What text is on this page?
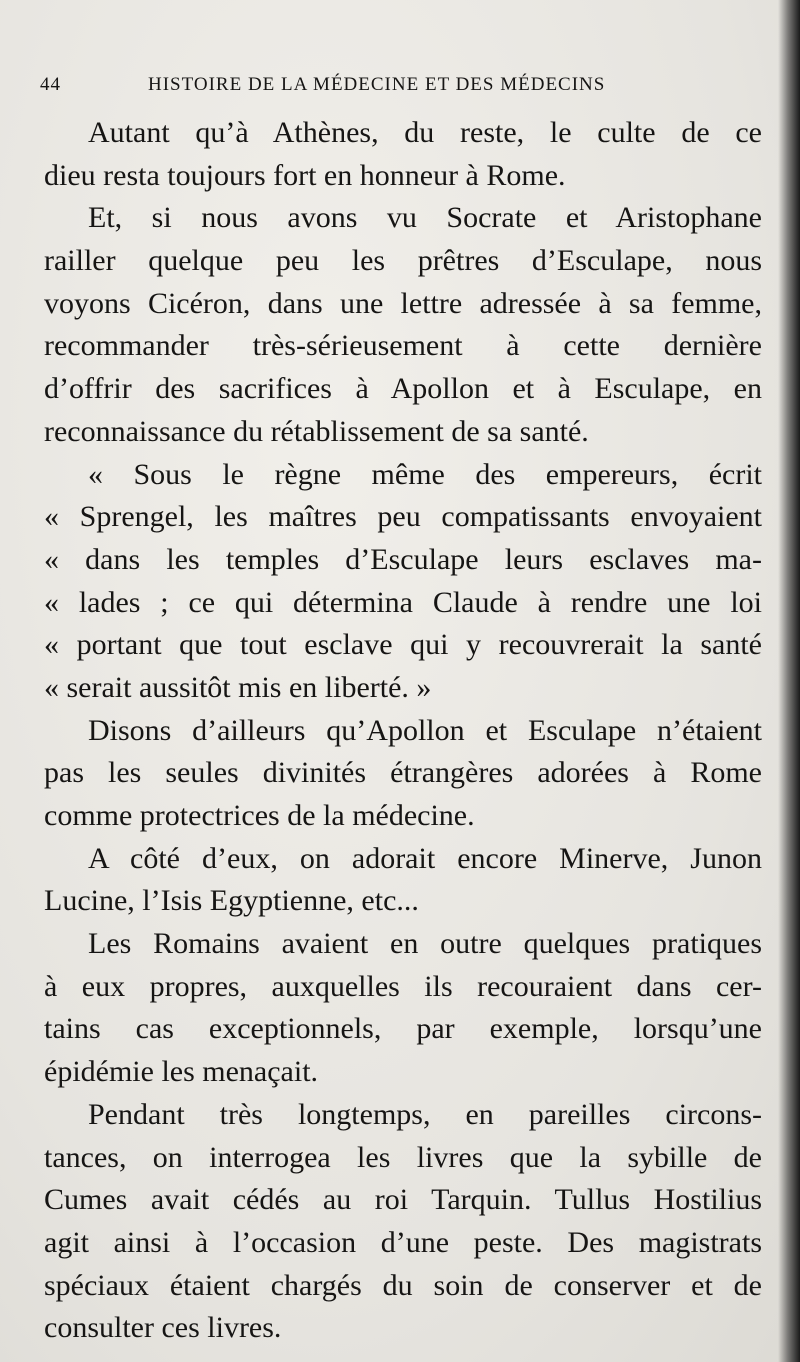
44	HISTOIRE DE LA MÉDECINE ET DES MÉDECINS
Autant qu’à Athènes, du reste, le culte de ce
dieu resta toujours fort en honneur à Rome.
Et, si nous avons vu Socrate et Aristophane
railler quelque peu les prêtres d’Esculape, nous
voyons Cicéron, dans une lettre adressée à sa femme,
recommander très-sérieusement à cette dernière
d’offrir des sacrifices à Apollon et à Esculape, en
reconnaissance du rétablissement de sa santé.
« Sous le règne même des empereurs, écrit
« Sprengel, les maîtres peu compatissants envoyaient
« dans les temples d’Esculape leurs esclaves ma-
« lades ; ce qui détermina Claude à rendre une loi
« portant que tout esclave qui y recouvrerait la santé
« serait aussitôt mis en liberté. »
Disons d’ailleurs qu’Apollon et Esculape n’étaient
pas les seules divinités étrangères adorées à Rome
comme protectrices de la médecine.
A côté d’eux, on adorait encore Minerve, Junon
Lucine, l’Isis Egyptienne, etc...
Les Romains avaient en outre quelques pratiques
à eux propres, auxquelles ils recouraient dans cer-
tains cas exceptionnels, par exemple, lorsqu’une
épidémie les menaçait.
Pendant très longtemps, en pareilles circons-
tances, on interrogea les livres que la sybille de
Cumes avait cédés au roi Tarquin. Tullus Hostilius
agit ainsi à l’occasion d’une peste. Des magistrats
spéciaux étaient chargés du soin de conserver et de
consulter ces livres.
